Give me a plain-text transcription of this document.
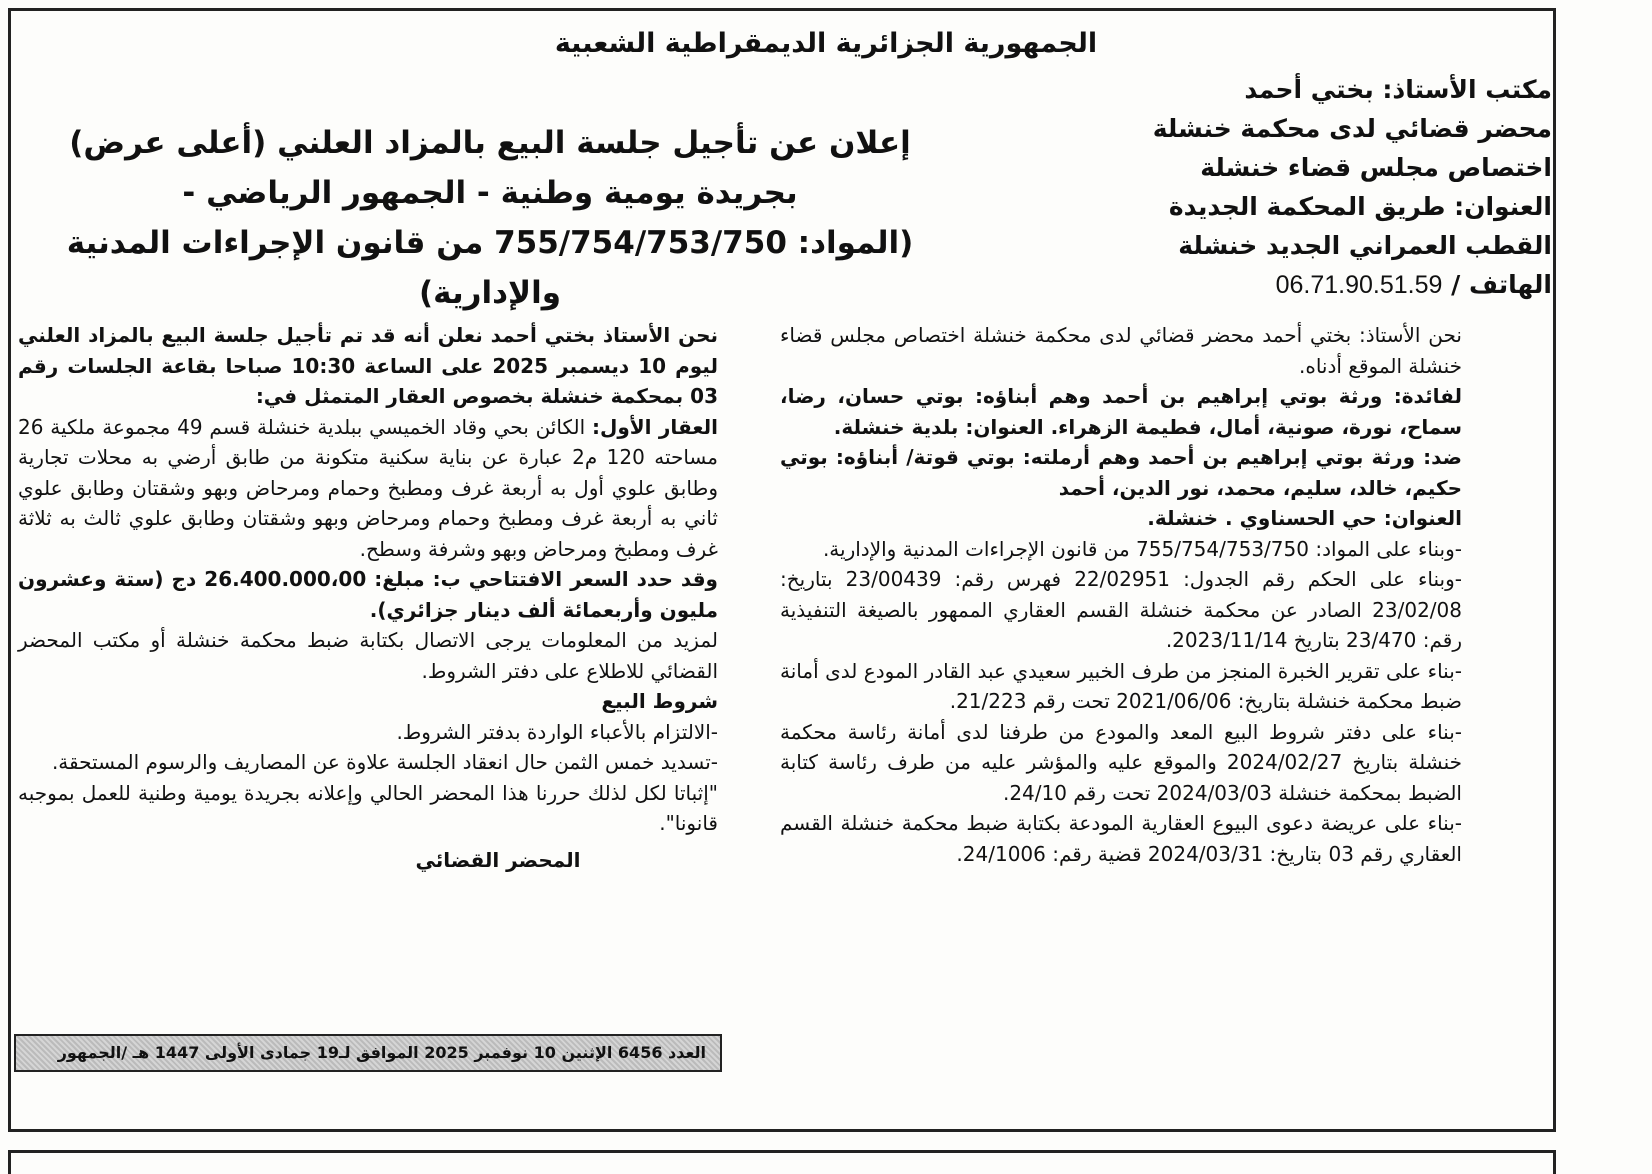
الجمهورية الجزائرية الديمقراطية الشعبية
مكتب الأستاذ: بختي أحمد
محضر قضائي لدى محكمة خنشلة
اختصاص مجلس قضاء خنشلة
العنوان: طريق المحكمة الجديدة
القطب العمراني الجديد خنشلة
الهاتف / 06.71.90.51.59
إعلان عن تأجيل جلسة البيع بالمزاد العلني (أعلى عرض)
بجريدة يومية وطنية - الجمهور الرياضي -
(المواد: 755/754/753/750 من قانون الإجراءات المدنية والإدارية)

نحن الأستاذ: بختي أحمد محضر قضائي لدى محكمة خنشلة اختصاص مجلس قضاء خنشلة الموقع أدناه.

لفائدة: ورثة بوتي إبراهيم بن أحمد وهم أبناؤه: بوتي حسان، رضا، سماح، نورة، صونية، أمال، فطيمة الزهراء. العنوان: بلدية خنشلة.

ضد: ورثة بوتي إبراهيم بن أحمد وهم أرملته: بوتي قوتة/ أبناؤه: بوتي حكيم، خالد، سليم، محمد، نور الدين، أحمد

العنوان: حي الحسناوي . خنشلة.

-وبناء على المواد: 755/754/753/750 من قانون الإجراءات المدنية والإدارية.

-وبناء على الحكم رقم الجدول: 22/02951 فهرس رقم: 23/00439 بتاريخ: 23/02/08 الصادر عن محكمة خنشلة القسم العقاري الممهور بالصيغة التنفيذية رقم: 23/470 بتاريخ 2023/11/14.

-بناء على تقرير الخبرة المنجز من طرف الخبير سعيدي عبد القادر المودع لدى أمانة ضبط محكمة خنشلة بتاريخ: 2021/06/06 تحت رقم 21/223.

-بناء على دفتر شروط البيع المعد والمودع من طرفنا لدى أمانة رئاسة محكمة خنشلة بتاريخ 2024/02/27 والموقع عليه والمؤشر عليه من طرف رئاسة كتابة الضبط بمحكمة خنشلة 2024/03/03 تحت رقم 24/10.

-بناء على عريضة دعوى البيوع العقارية المودعة بكتابة ضبط محكمة خنشلة القسم العقاري رقم 03 بتاريخ: 2024/03/31 قضية رقم: 24/1006.

نحن الأستاذ بختي أحمد نعلن أنه قد تم تأجيل جلسة البيع بالمزاد العلني ليوم 10 ديسمبر 2025 على الساعة 10:30 صباحا بقاعة الجلسات رقم 03 بمحكمة خنشلة بخصوص العقار المتمثل في:

العقار الأول: الكائن بحي وقاد الخميسي ببلدية خنشلة قسم 49 مجموعة ملكية 26 مساحته 120 م2 عبارة عن بناية سكنية متكونة من طابق أرضي به محلات تجارية وطابق علوي أول به أربعة غرف ومطبخ وحمام ومرحاض وبهو وشقتان وطابق علوي ثاني به أربعة غرف ومطبخ وحمام ومرحاض وبهو وشقتان وطابق علوي ثالث به ثلاثة غرف ومطبخ ومرحاض وبهو وشرفة وسطح.

وقد حدد السعر الافتتاحي ب: مبلغ: 26.400.000،00 دج (ستة وعشرون مليون وأربعمائة ألف دينار جزائري).

لمزيد من المعلومات يرجى الاتصال بكتابة ضبط محكمة خنشلة أو مكتب المحضر القضائي للاطلاع على دفتر الشروط.

شروط البيع

-الالتزام بالأعباء الواردة بدفتر الشروط.

-تسديد خمس الثمن حال انعقاد الجلسة علاوة عن المصاريف والرسوم المستحقة.

"إثباتا لكل لذلك حررنا هذا المحضر الحالي وإعلانه بجريدة يومية وطنية للعمل بموجبه قانونا".

المحضر القضائي

العدد 6456 الإثنين 10 نوفمبر 2025 الموافق لـ19 جمادى الأولى 1447 هـ /الجمهور
